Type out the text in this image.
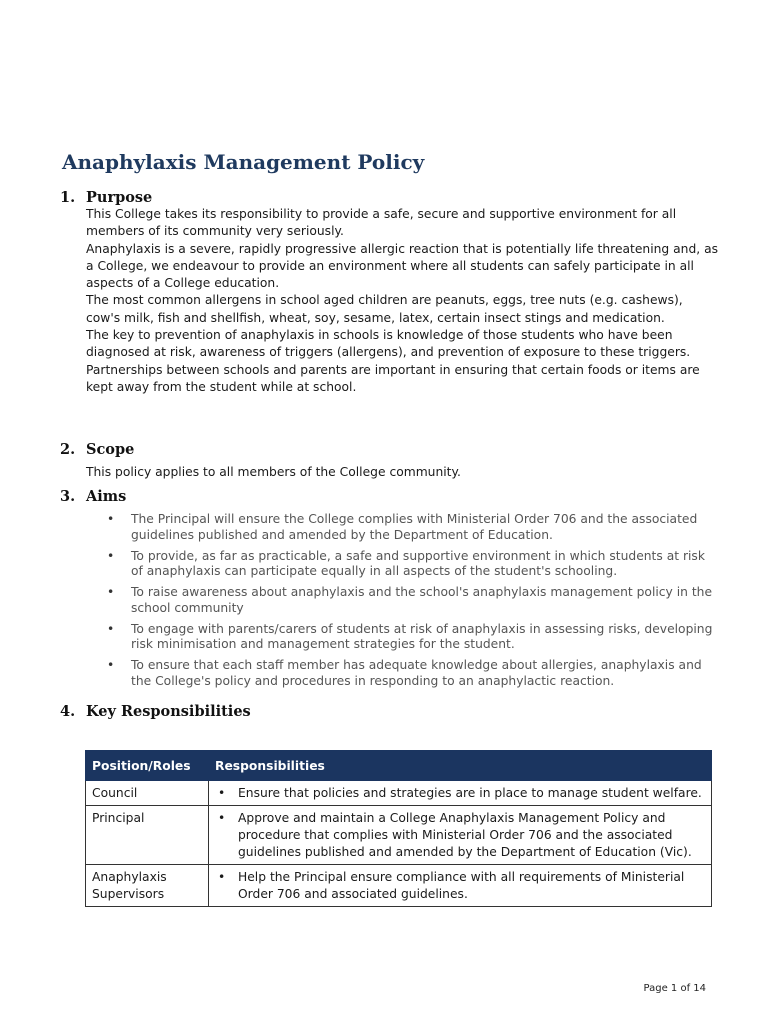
Anaphylaxis Management Policy
1. Purpose

This College takes its responsibility to provide a safe, secure and supportive environment for all members of its community very seriously.

Anaphylaxis is a severe, rapidly progressive allergic reaction that is potentially life threatening and, as a College, we endeavour to provide an environment where all students can safely participate in all aspects of a College education.

The most common allergens in school aged children are peanuts, eggs, tree nuts (e.g. cashews), cow's milk, fish and shellfish, wheat, soy, sesame, latex, certain insect stings and medication.

The key to prevention of anaphylaxis in schools is knowledge of those students who have been diagnosed at risk, awareness of triggers (allergens), and prevention of exposure to these triggers. Partnerships between schools and parents are important in ensuring that certain foods or items are kept away from the student while at school.

2. Scope

This policy applies to all members of the College community.

3. Aims
• The Principal will ensure the College complies with Ministerial Order 706 and the associated guidelines published and amended by the Department of Education.
• To provide, as far as practicable, a safe and supportive environment in which students at risk of anaphylaxis can participate equally in all aspects of the student's schooling.
• To raise awareness about anaphylaxis and the school's anaphylaxis management policy in the school community
• To engage with parents/carers of students at risk of anaphylaxis in assessing risks, developing risk minimisation and management strategies for the student.
• To ensure that each staff member has adequate knowledge about allergies, anaphylaxis and the College's policy and procedures in responding to an anaphylactic reaction.
4. Key Responsibilities
Position/Roles	Responsibilities
Council	• Ensure that policies and strategies are in place to manage student welfare.

Principal	• Approve and maintain a College Anaphylaxis Management Policy and procedure that complies with Ministerial Order 706 and the associated guidelines published and amended by the Department of Education (Vic).

Anaphylaxis Supervisors	• Help the Principal ensure compliance with all requirements of Ministerial Order 706 and associated guidelines.
Page 1 of 14
